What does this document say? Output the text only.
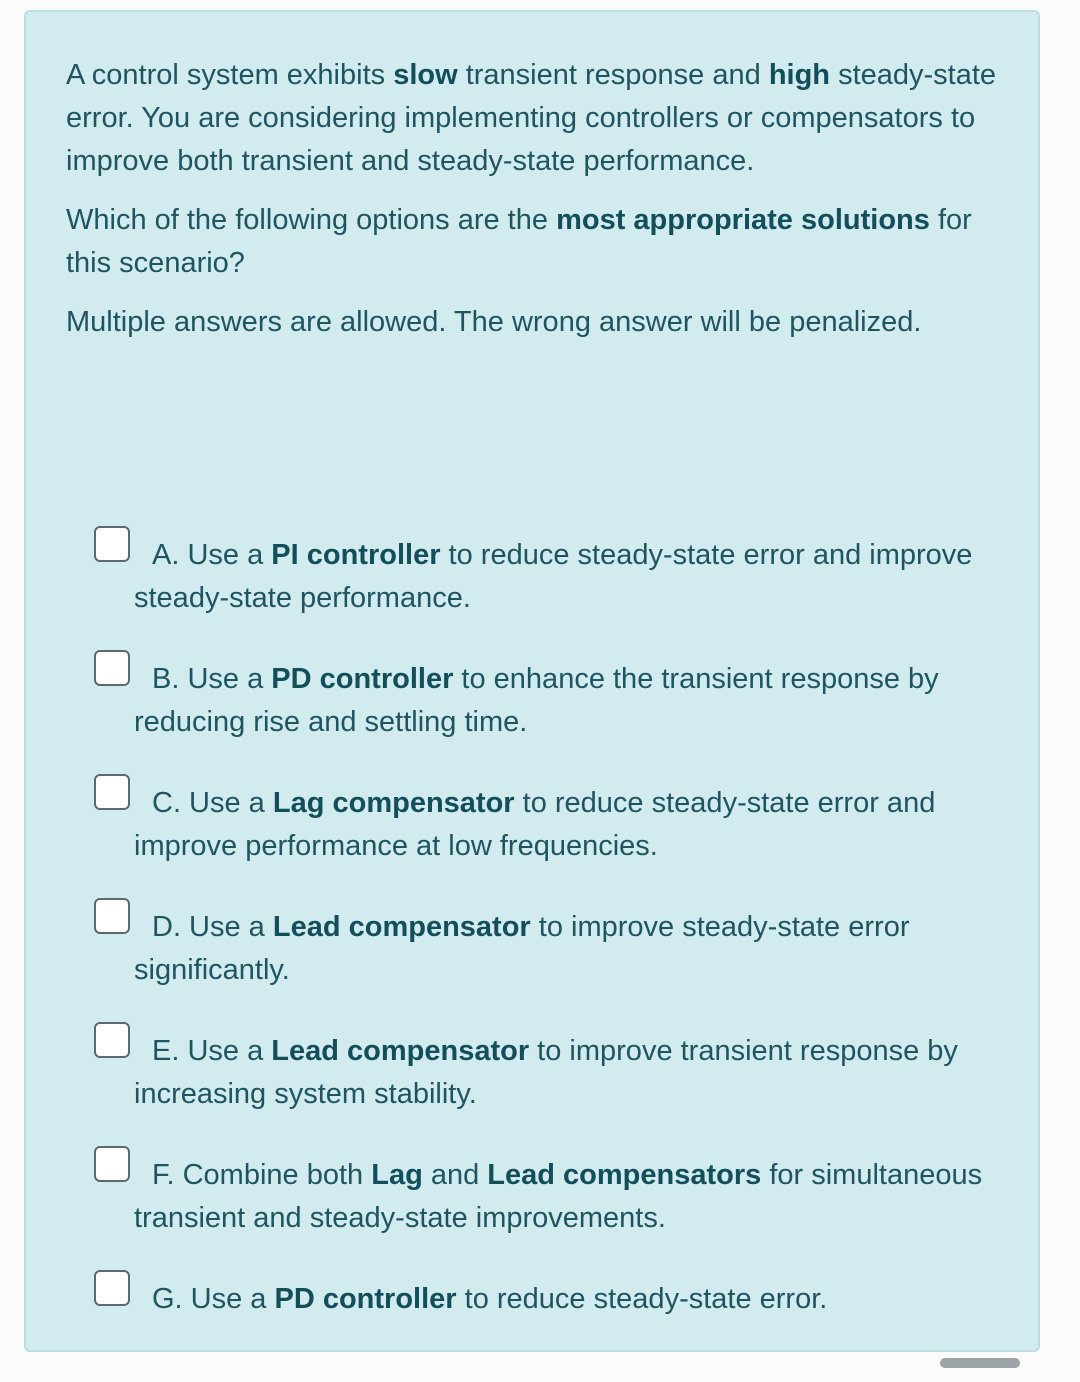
A control system exhibits slow transient response and high steady-state error. You are considering implementing controllers or compensators to improve both transient and steady-state performance.

Which of the following options are the most appropriate solutions for this scenario?

Multiple answers are allowed. The wrong answer will be penalized.

A. Use a PI controller to reduce steady-state error and improve steady-state performance.
B. Use a PD controller to enhance the transient response by reducing rise and settling time.
C. Use a Lag compensator to reduce steady-state error and improve performance at low frequencies.
D. Use a Lead compensator to improve steady-state error significantly.
E. Use a Lead compensator to improve transient response by increasing system stability.
F. Combine both Lag and Lead compensators for simultaneous transient and steady-state improvements.
G. Use a PD controller to reduce steady-state error.
